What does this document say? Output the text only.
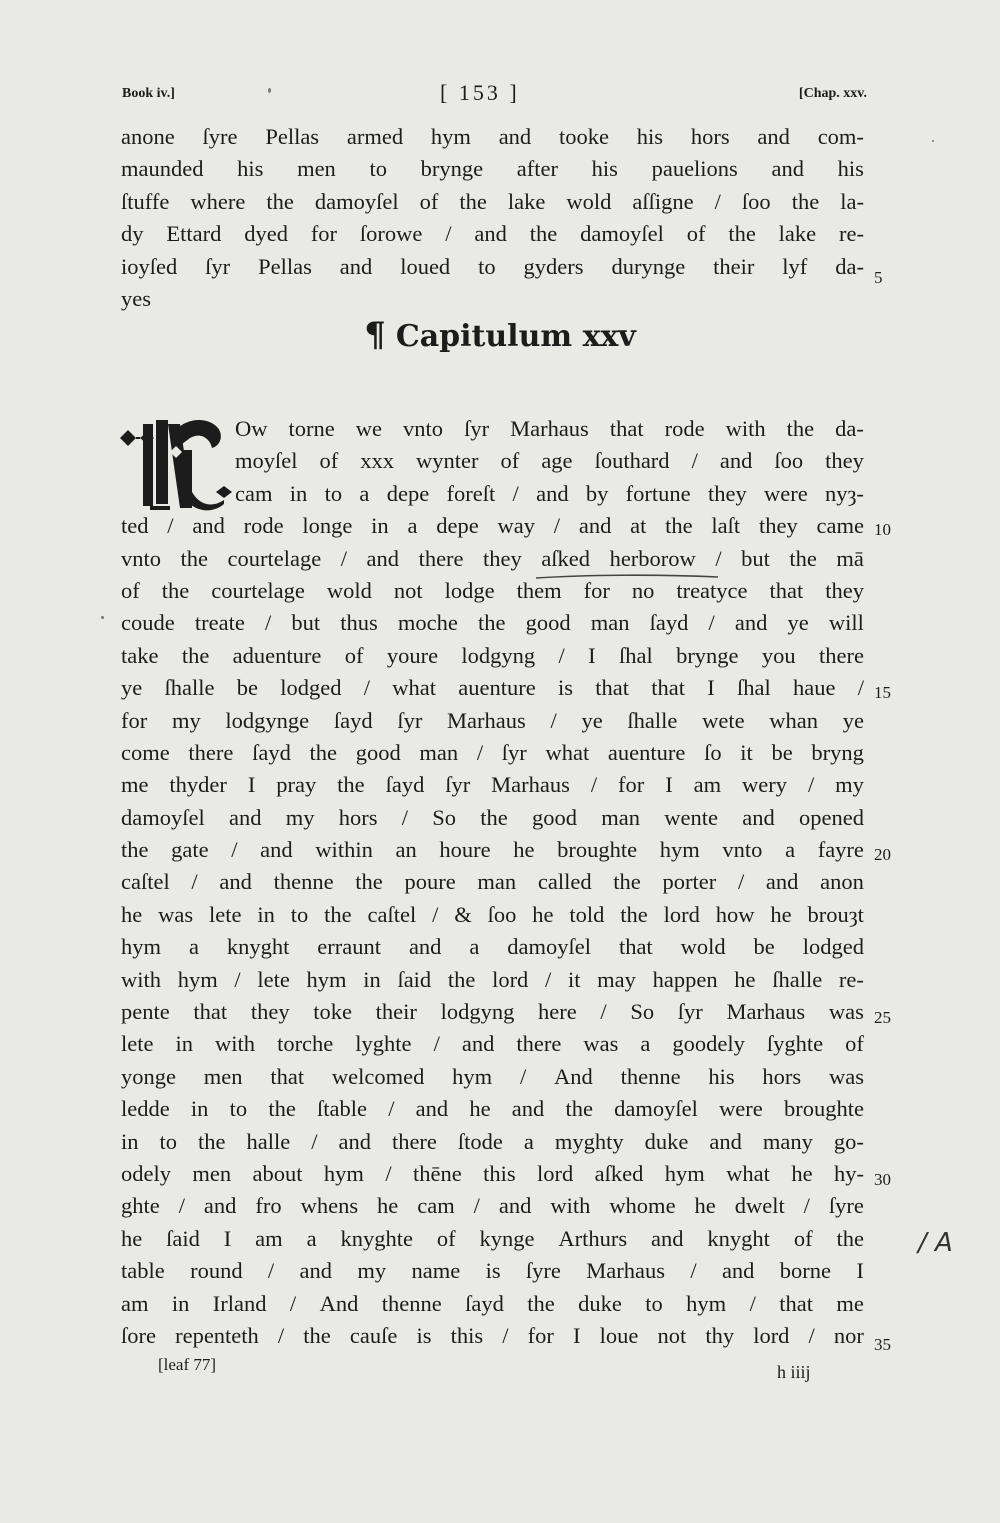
Book iv.]	[ 153 ]	[Chap. xxv.
anone ſyre Pellas armed hym and tooke his hors and com-
maunded his men to brynge after his pauelions and his
ſtuffe where the damoyſel of the lake wold aſſigne / ſoo the la-
dy Ettard dyed for ſorowe / and the damoyſel of the lake re-
ioyſed ſyr Pellas and loued to gyders durynge their lyf da-
yes
¶ Capitulum xxv
Ow torne we vnto ſyr Marhaus that rode with the da-
moyſel of xxx wynter of age ſouthard / and ſoo they
cam in to a depe foreſt / and by fortune they were nyȝ-
ted / and rode longe in a depe way / and at the laſt they came
vnto the courtelage / and there they aſked herborow / but the mā
of the courtelage wold not lodge them for no treatyce that they
coude treate / but thus moche the good man ſayd / and ye will
take the aduenture of youre lodgyng / I ſhal brynge you there
ye ſhalle be lodged / what auenture is that that I ſhal haue /
for my lodgynge ſayd ſyr Marhaus / ye ſhalle wete whan ye
come there ſayd the good man / ſyr what auenture ſo it be bryng
me thyder I pray the ſayd ſyr Marhaus / for I am wery / my
damoyſel and my hors / So the good man wente and opened
the gate / and within an houre he broughte hym vnto a fayre
caſtel / and thenne the poure man called the porter / and anon
he was lete in to the caſtel / & ſoo he told the lord how he brouȝt
hym a knyght erraunt and a damoyſel that wold be lodged
with hym / lete hym in ſaid the lord / it may happen he ſhalle re-
pente that they toke their lodgyng here / So ſyr Marhaus was
lete in with torche lyghte / and there was a goodely ſyghte of
yonge men that welcomed hym / And thenne his hors was
ledde in to the ſtable / and he and the damoyſel were broughte
in to the halle / and there ſtode a myghty duke and many go-
odely men about hym / thēne this lord aſked hym what he hy-
ghte / and fro whens he cam / and with whome he dwelt / ſyre
he ſaid I am a knyghte of kynge Arthurs and knyght of the
table round / and my name is ſyre Marhaus / and borne I
am in Irland / And thenne ſayd the duke to hym / that me
ſore repenteth / the cauſe is this / for I loue not thy lord / nor
5
10
15
20
25
30
35
[leaf 77]	h iiij
/ A
